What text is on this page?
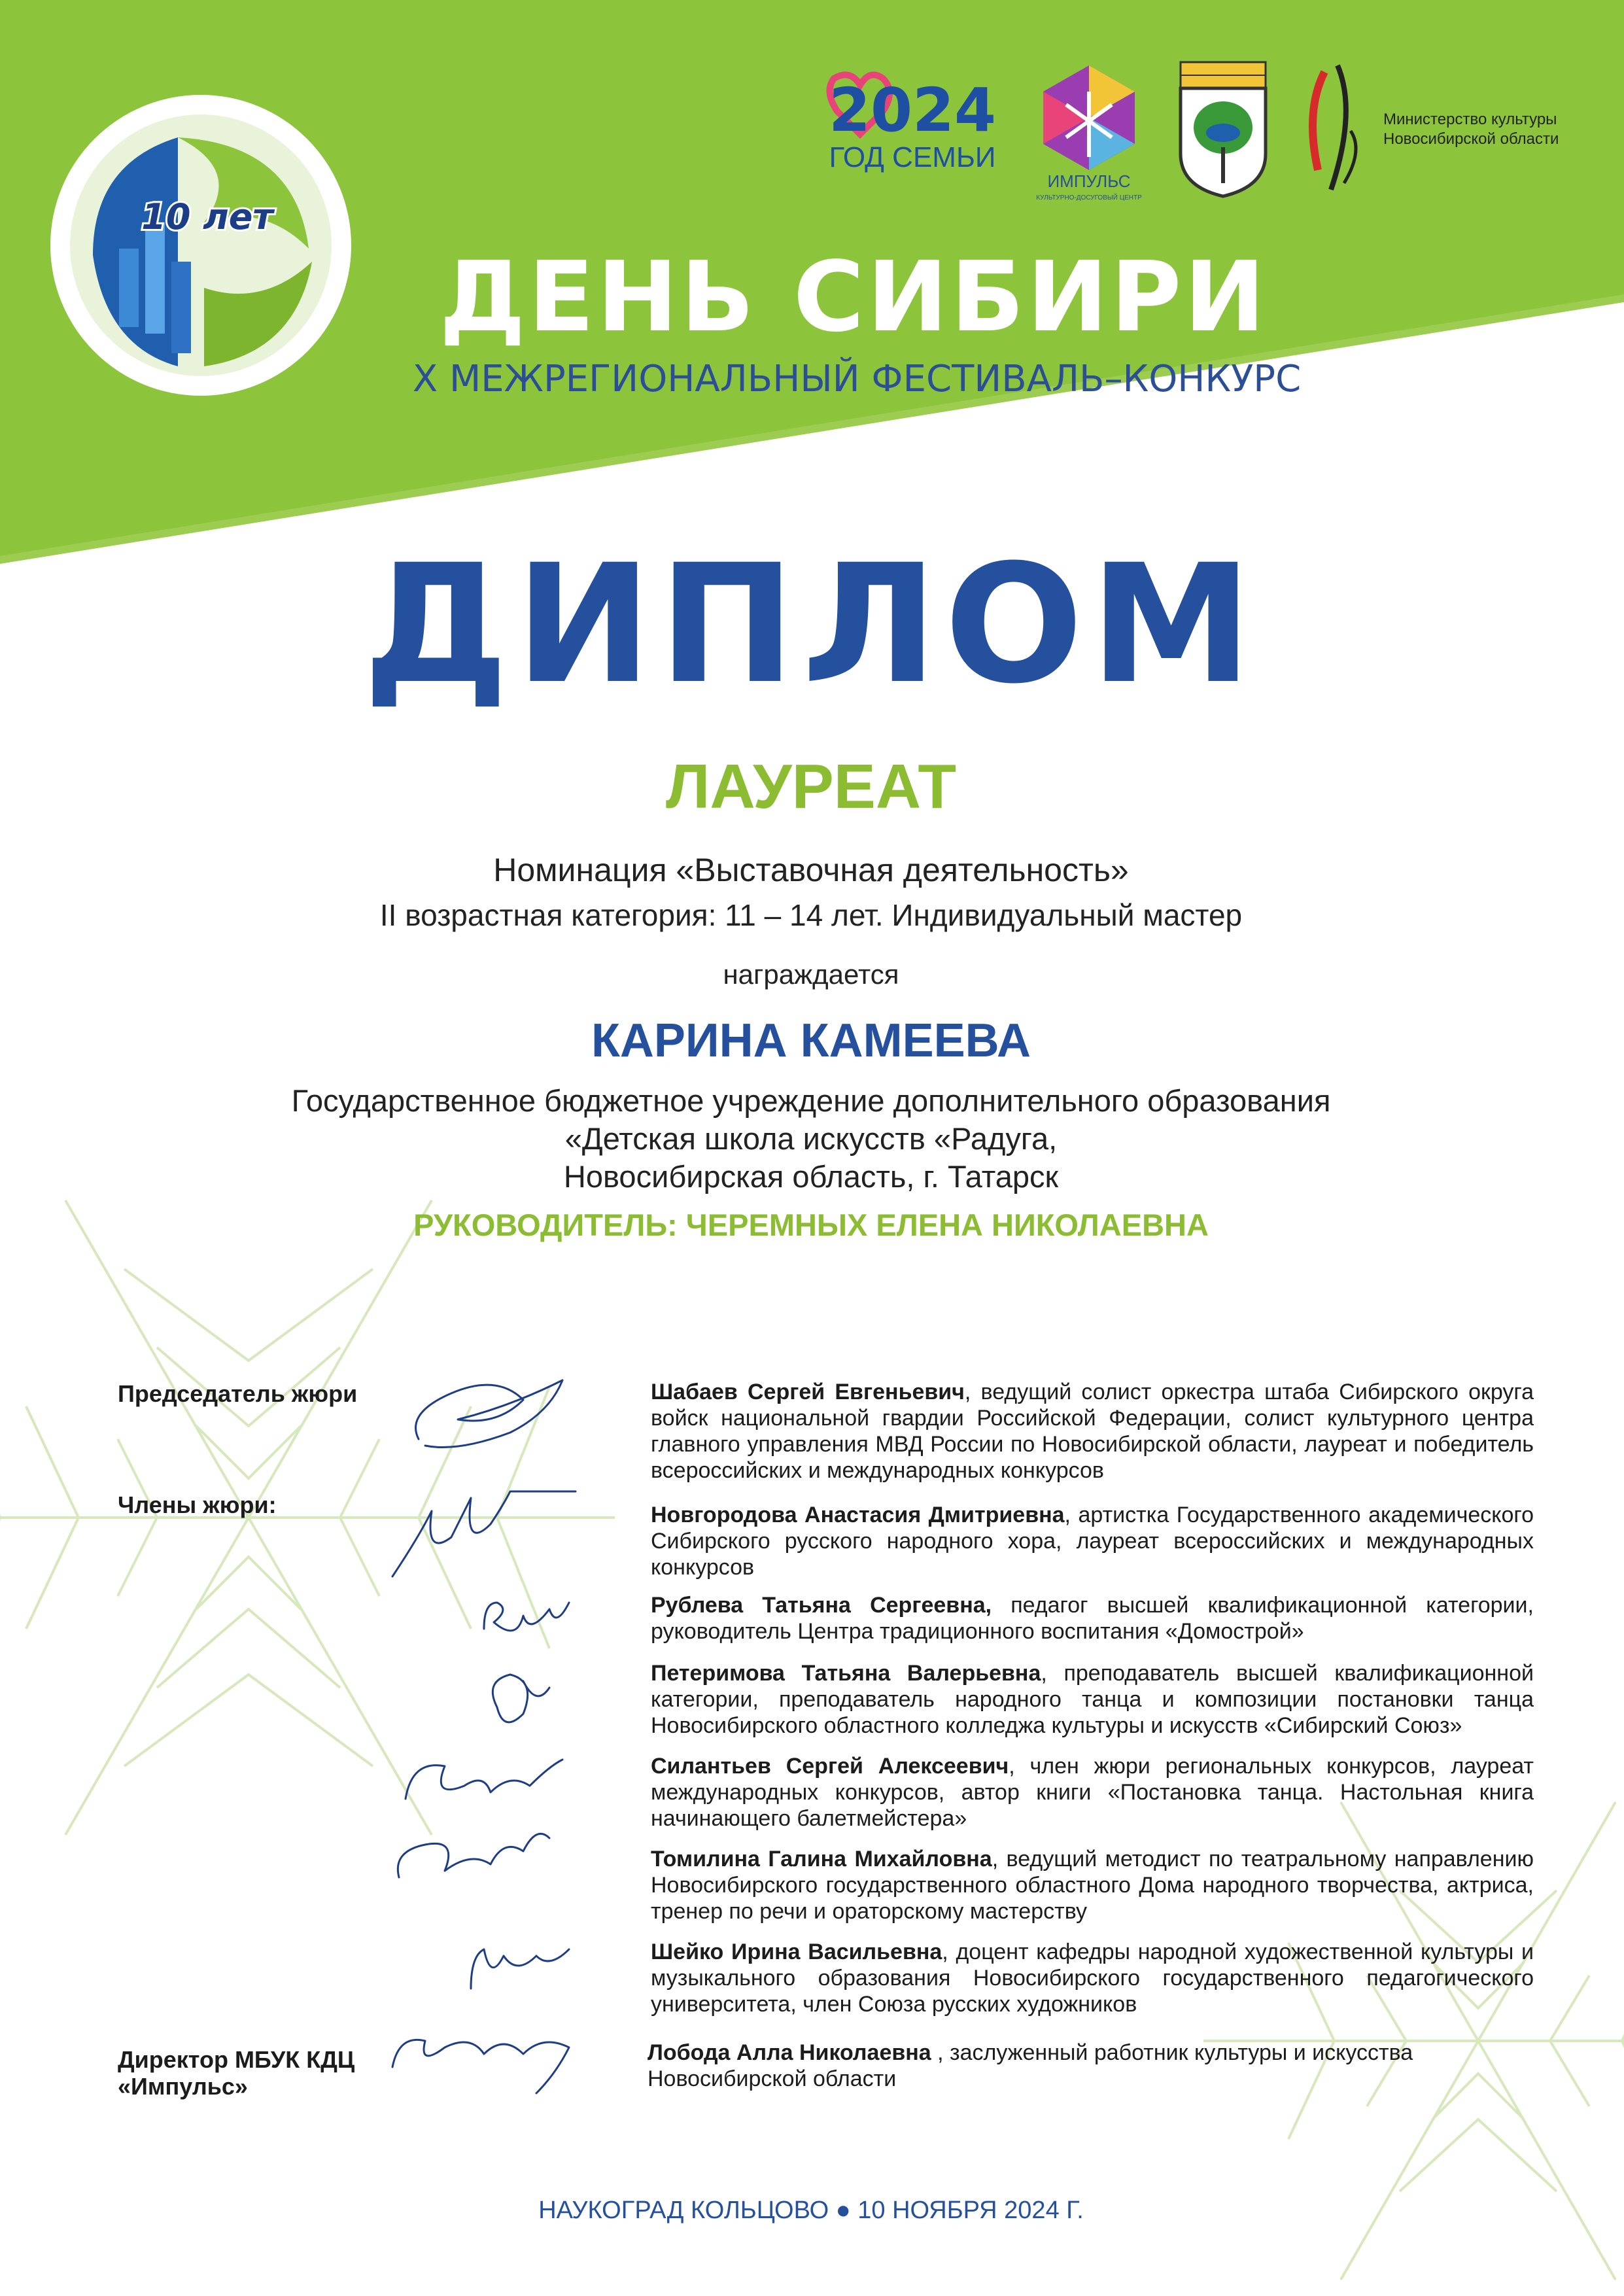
10 лет
2024
ГОД СЕМЬИ
ИМПУЛЬС
КУЛЬТУРНО-ДОСУГОВЫЙ ЦЕНТР
Министерство культуры
Новосибирской области
ДЕНЬ СИБИРИ
X МЕЖРЕГИОНАЛЬНЫЙ ФЕСТИВАЛЬ–КОНКУРС
ДИПЛОМ
ЛАУРЕАТ
Номинация «Выставочная деятельность»
II возрастная категория: 11 – 14 лет. Индивидуальный мастер
награждается
КАРИНА КАМЕЕВА
Государственное бюджетное учреждение дополнительного образования
«Детская школа искусств «Радуга,
Новосибирская область, г. Татарск
РУКОВОДИТЕЛЬ: ЧЕРЕМНЫХ ЕЛЕНА НИКОЛАЕВНА
Председатель жюри
Члены жюри:
Директор МБУК КДЦ
«Импульс»
Шабаев Сергей Евгеньевич, ведущий солист оркестра штаба Сибирского округа войск национальной гвардии Российской Федерации, солист культурного центра главного управления МВД России по Новосибирской области, лауреат и победитель всероссийских и международных конкурсов
Новгородова Анастасия Дмитриевна, артистка Государственного академического Сибирского русского народного хора, лауреат всероссийских и международных конкурсов
Рублева Татьяна Сергеевна, педагог высшей квалификационной категории, руководитель Центра традиционного воспитания «Домострой»
Петеримова Татьяна Валерьевна, преподаватель высшей квалификационной категории, преподаватель народного танца и композиции постановки танца Новосибирского областного колледжа культуры и искусств «Сибирский Союз»
Силантьев Сергей Алексеевич, член жюри региональных конкурсов, лауреат международных конкурсов, автор книги «Постановка танца. Настольная книга начинающего балетмейстера»
Томилина Галина Михайловна, ведущий методист по театральному направлению Новосибирского государственного областного Дома народного творчества, актриса, тренер по речи и ораторскому мастерству
Шейко Ирина Васильевна, доцент кафедры народной художественной культуры и музыкального образования Новосибирского государственного педагогического университета, член Союза русских художников
Лобода Алла Николаевна , заслуженный работник культуры и искусства Новосибирской области
НАУКОГРАД КОЛЬЦОВО ● 10 НОЯБРЯ 2024 Г.
